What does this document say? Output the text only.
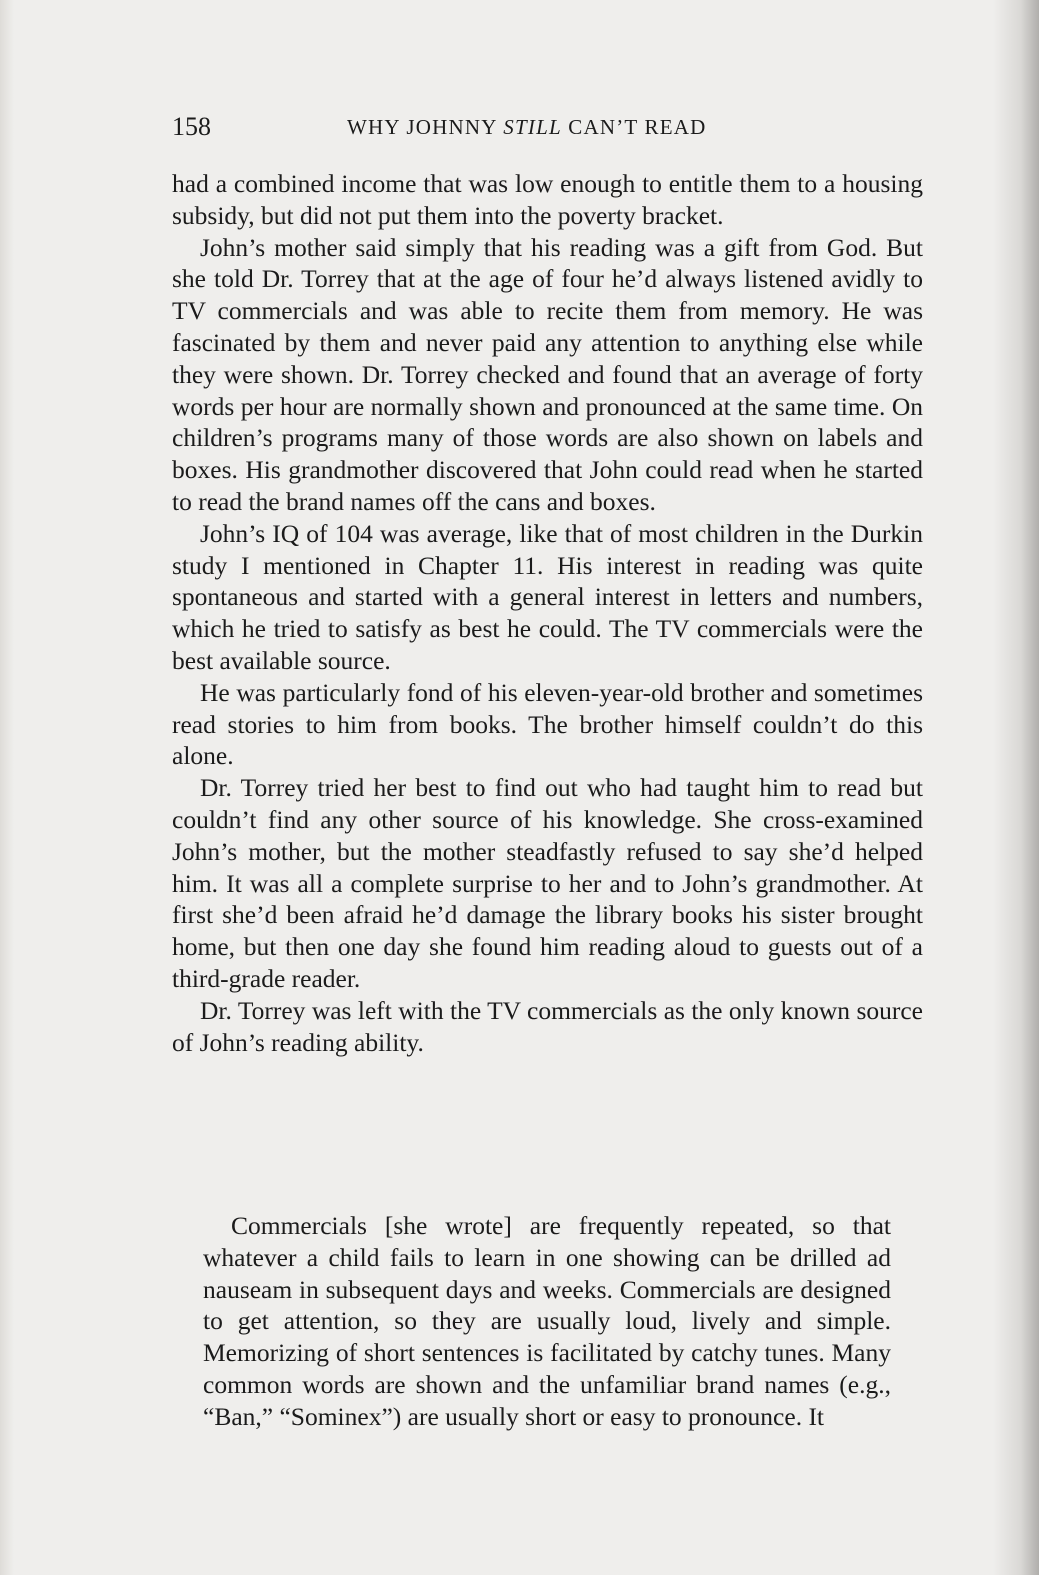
158	WHY JOHNNY STILL CAN’T READ

had a combined income that was low enough to entitle them to a housing subsidy, but did not put them into the poverty bracket.

John’s mother said simply that his reading was a gift from God. But she told Dr. Torrey that at the age of four he’d always listened avidly to TV commercials and was able to recite them from memory. He was fascinated by them and never paid any attention to anything else while they were shown. Dr. Torrey checked and found that an average of forty words per hour are normally shown and pronounced at the same time. On children’s programs many of those words are also shown on labels and boxes. His grandmother discovered that John could read when he started to read the brand names off the cans and boxes.

John’s IQ of 104 was average, like that of most children in the Durkin study I mentioned in Chapter 11. His interest in reading was quite spontaneous and started with a general interest in letters and numbers, which he tried to satisfy as best he could. The TV commercials were the best available source.

He was particularly fond of his eleven-year-old brother and sometimes read stories to him from books. The brother himself couldn’t do this alone.

Dr. Torrey tried her best to find out who had taught him to read but couldn’t find any other source of his knowledge. She cross-examined John’s mother, but the mother steadfastly refused to say she’d helped him. It was all a complete surprise to her and to John’s grandmother. At first she’d been afraid he’d damage the library books his sister brought home, but then one day she found him reading aloud to guests out of a third-grade reader.

Dr. Torrey was left with the TV commercials as the only known source of John’s reading ability.

Commercials [she wrote] are frequently repeated, so that whatever a child fails to learn in one showing can be drilled ad nauseam in subsequent days and weeks. Commercials are designed to get attention, so they are usually loud, lively and simple. Memorizing of short sentences is facilitated by catchy tunes. Many common words are shown and the unfamiliar brand names (e.g., “Ban,” “Sominex”) are usually short or easy to pronounce. It
